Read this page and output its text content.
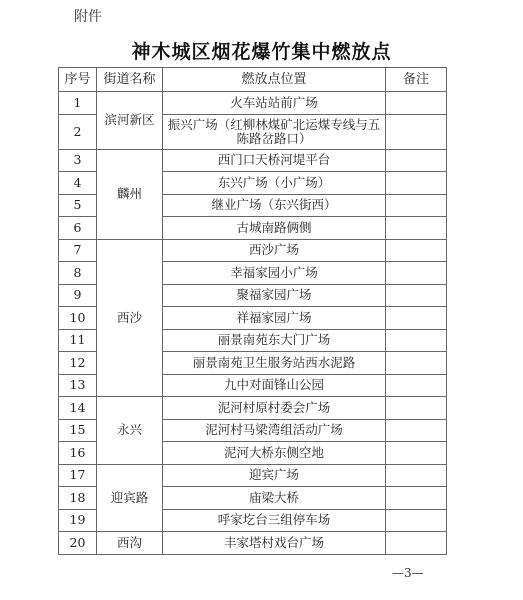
附件
神木城区烟花爆竹集中燃放点
序号	街道名称	燃放点位置	备注
1	滨河新区	火车站站前广场	
2		振兴广场（红柳林煤矿北运煤专线与五陈路岔路口）	
3	麟州	西门口天桥河堤平台	
4		东兴广场（小广场）	
5		继业广场（东兴街西）	
6		古城南路俩侧	
7	西沙	西沙广场	
8		幸福家园小广场	
9		聚福家园广场	
10		祥福家园广场	
11		丽景南苑东大门广场	
12		丽景南苑卫生服务站西水泥路	
13		九中对面锋山公园	
14	永兴	泥河村原村委会广场	
15		泥河村马梁湾组活动广场	
16		泥河大桥东侧空地	
17	迎宾路	迎宾广场	
18		庙梁大桥	
19		呼家圪台三组停车场	
20	西沟	丰家塔村戏台广场	
—3—
